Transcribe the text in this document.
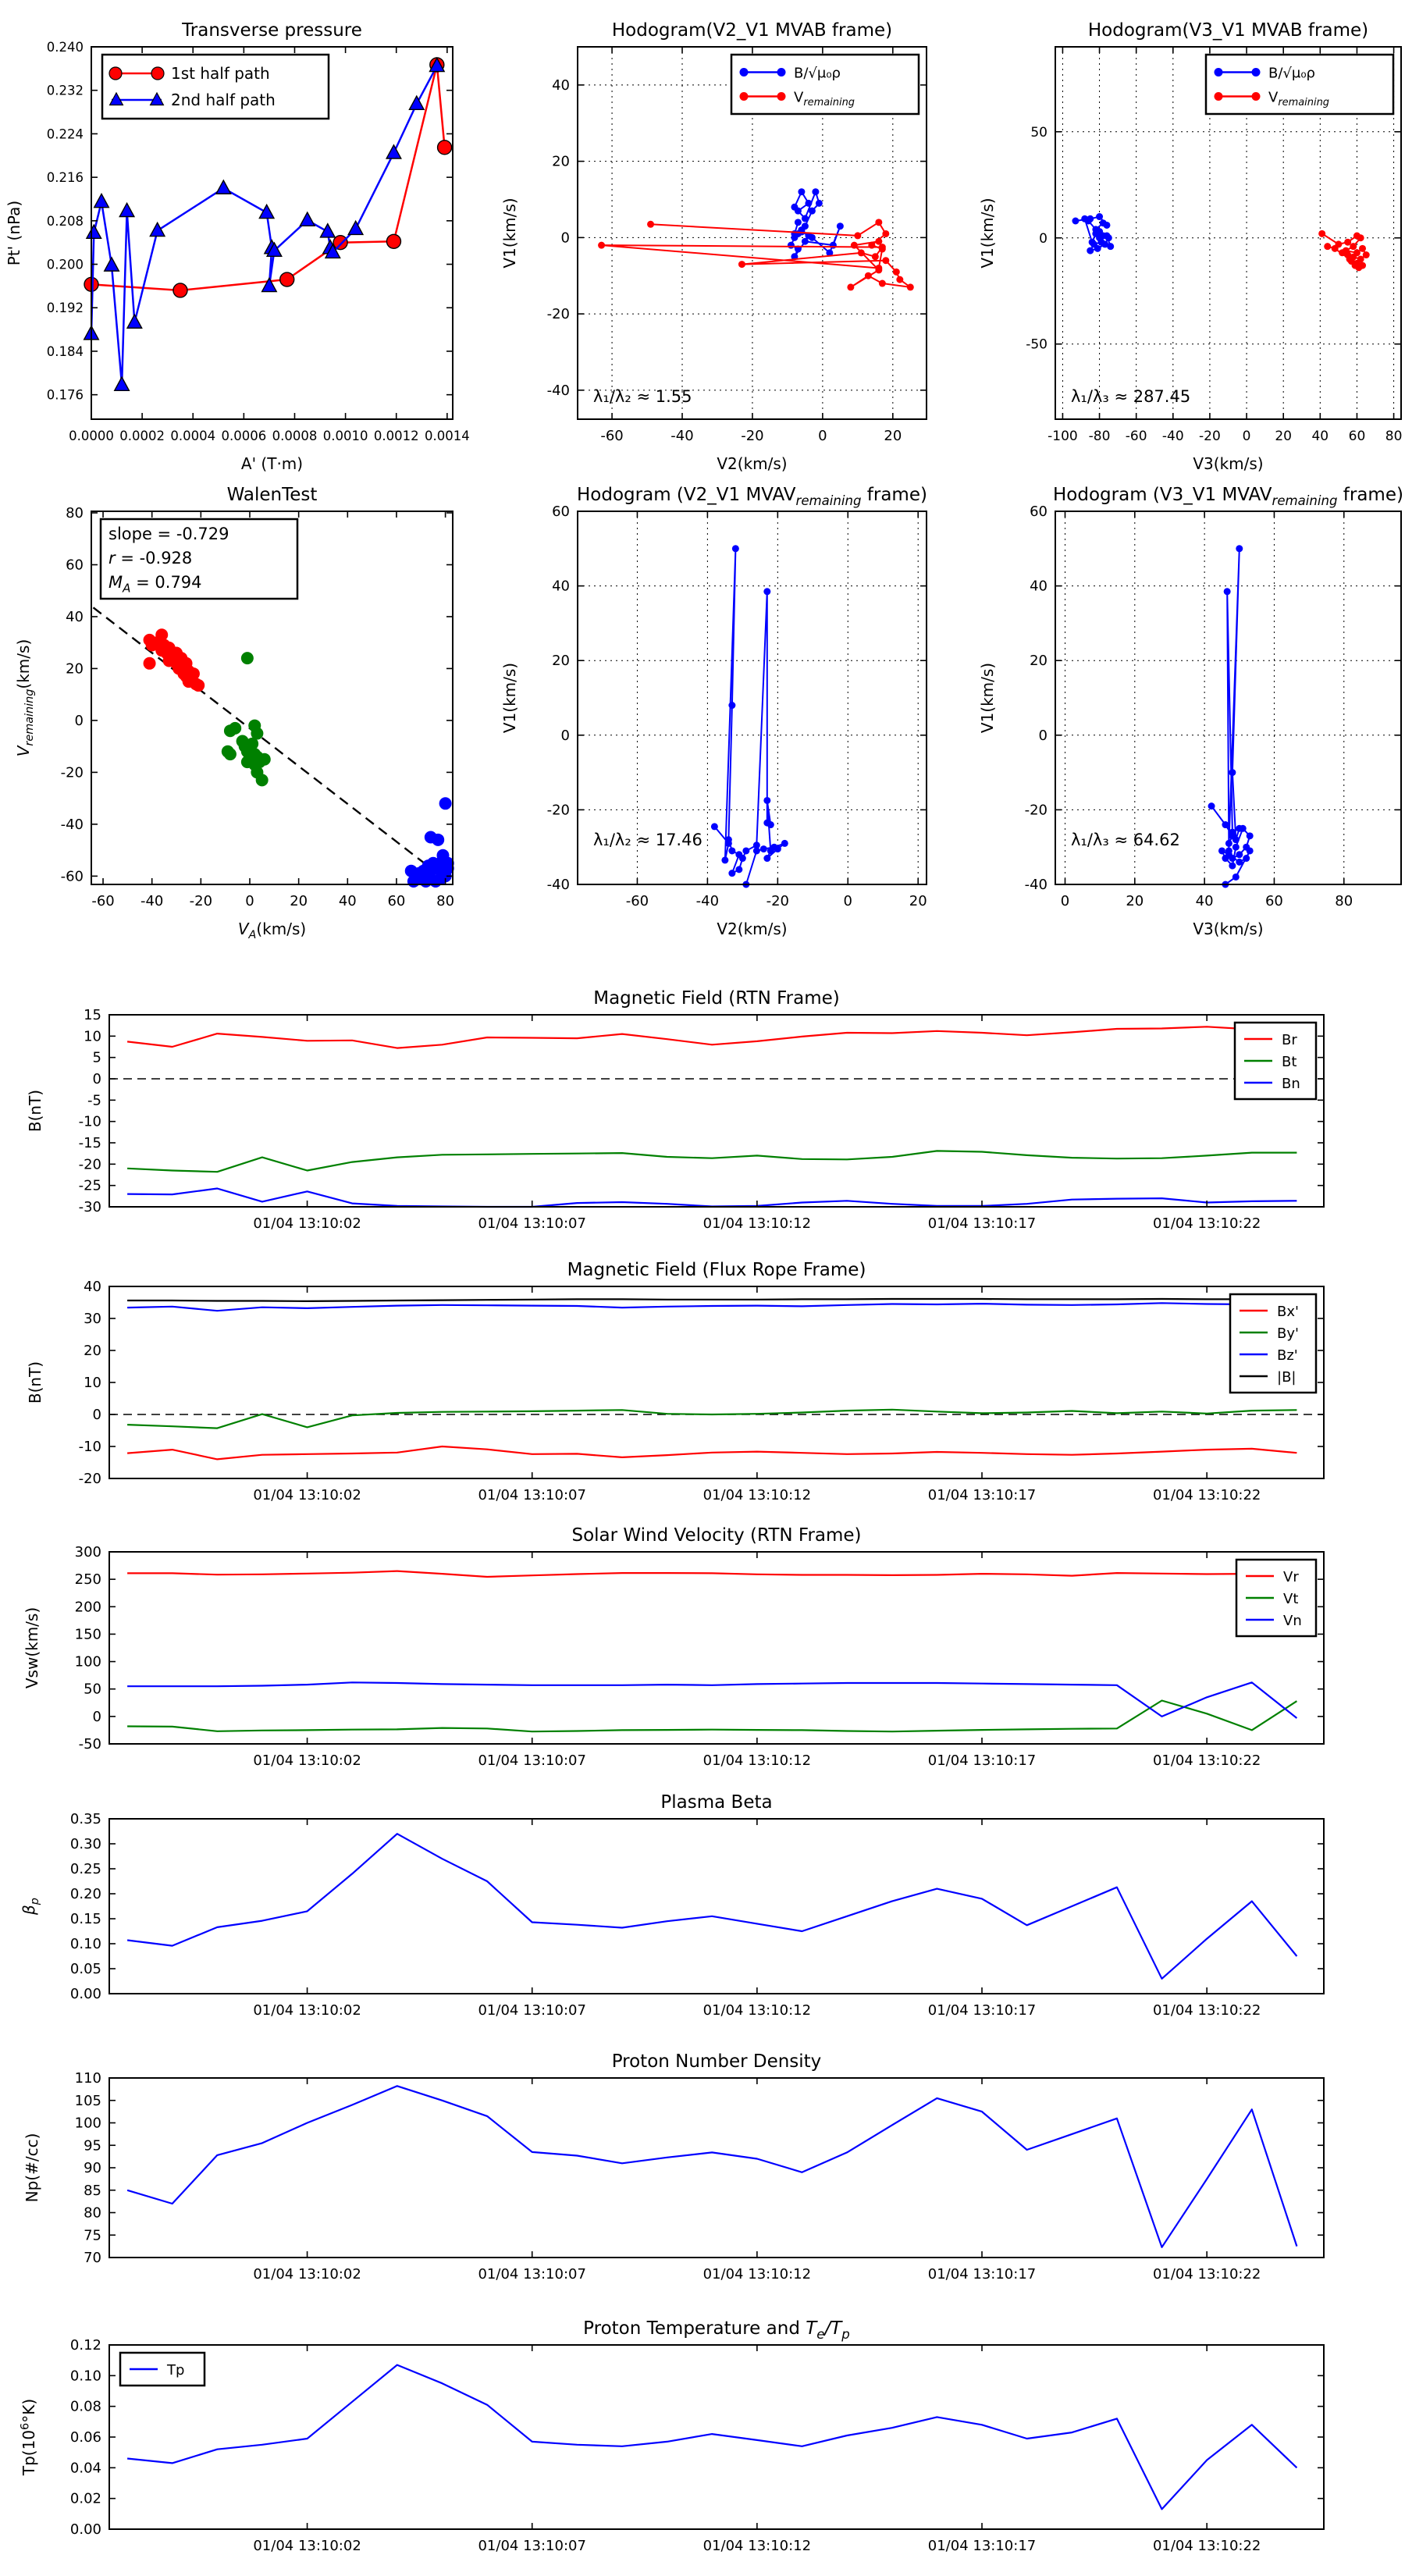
0.0000 0.0002 0.0004 0.0006 0.0008 0.0010 0.0012 0.0014
0.176
0.184
0.192
0.200
0.208
0.216
0.224
0.232
0.240
Transverse pressure
A' (T·m)
Pt' (nPa)
1st half path
2nd half path
-60	-40	-20	0	20
-40
-20
0
20
40
Hodogram(V2_V1 MVAB frame)
V2(km/s)
V1(km/s)
λ₁/λ₂ ≈ 1.55
B/√μ₀ρ
$V_{remaining}$
-100 -80 -60 -40 -20 0 20 40 60 80
-50
0
50
Hodogram(V3_V1 MVAB frame)
V3(km/s)
V1(km/s)
λ₁/λ₃ ≈ 287.45
B/√μ₀ρ
$V_{remaining}$
-60 -40 -20 0	20 40 60 80
-60
-40
-20
0
20
40
60
80
WalenTest
$V_A(km/s)$
$V_{remaining}(km/s)$
slope = -0.729
r = -0.928
$M_A = 0.794$
-60	-40	-20	0	20
-40
-20
0
20
40
60
Hodogram (V2_V1 $MVAV_{remaining}$ frame)
V2(km/s)
V1(km/s)
λ₁/λ₂ ≈ 17.46
0	20	40	60	80
-40
-20
0
20
40
60
Hodogram (V3_V1 $MVAV_{remaining}$ frame)
V3(km/s)
V1(km/s)
λ₁/λ₃ ≈ 64.62
01/04 13:10:02	01/04 13:10:07	01/04 13:10:12	01/04 13:10:17	01/04 13:10:22
-30
-25
-20
-15
-10
-5
0
5
10
15
Magnetic Field (RTN Frame)
B(nT)
Br
Bt
Bn
01/04 13:10:02	01/04 13:10:07	01/04 13:10:12	01/04 13:10:17	01/04 13:10:22
-20
-10
0
10
20
30
40
Magnetic Field (Flux Rope Frame)
B(nT)
Bx'
By'
Bz'
|B|
01/04 13:10:02	01/04 13:10:07	01/04 13:10:12	01/04 13:10:17	01/04 13:10:22
-50
0
50
100
150
200
250
300
Solar Wind Velocity (RTN Frame)
Vsw(km/s)
Vr
Vt
Vn
01/04 13:10:02	01/04 13:10:07	01/04 13:10:12	01/04 13:10:17	01/04 13:10:22
0.00
0.05
0.10
0.15
0.20
0.25
0.30
0.35
Plasma Beta
$\beta_p$
01/04 13:10:02	01/04 13:10:07	01/04 13:10:12	01/04 13:10:17	01/04 13:10:22
70
75
80
85
90
95
100
105
110
Proton Number Density
Np(#/cc)
01/04 13:10:02	01/04 13:10:07	01/04 13:10:12	01/04 13:10:17	01/04 13:10:22
0.00
0.02
0.04
0.06
0.08
0.10
0.12
Proton Temperature and $T_e/T_p$
$Tp(10^6^\circ K)$
Tp
